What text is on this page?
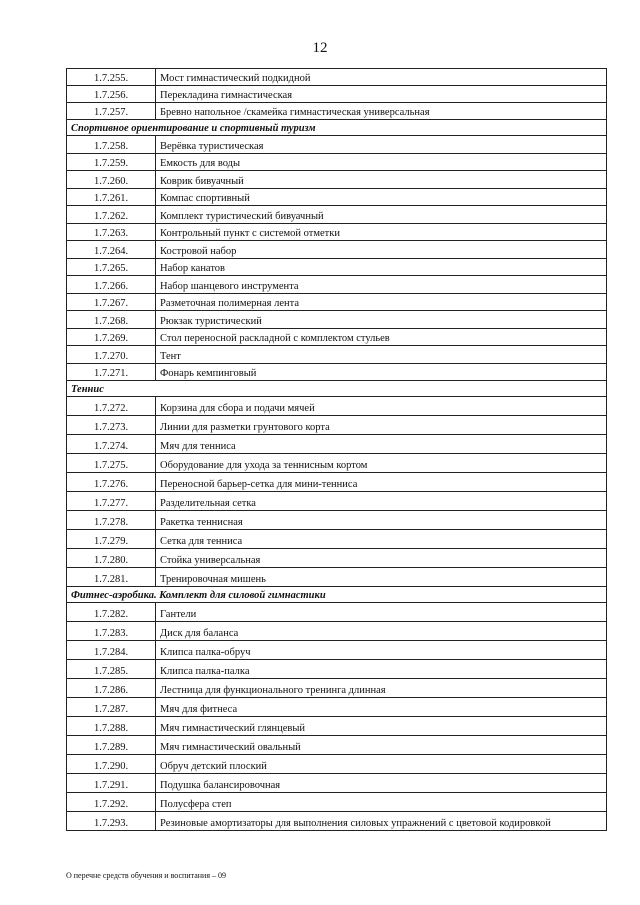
12
1.7.255.	Мост гимнастический подкидной
1.7.256.	Перекладина гимнастическая
1.7.257.	Бревно напольное /скамейка гимнастическая универсальная
Спортивное ориентирование и спортивный туризм	
1.7.258.	Верёвка туристическая
1.7.259.	Емкость для воды
1.7.260.	Коврик бивуачный
1.7.261.	Компас спортивный
1.7.262.	Комплект туристический бивуачный
1.7.263.	Контрольный пункт с системой отметки
1.7.264.	Костровой набор
1.7.265.	Набор канатов
1.7.266.	Набор шанцевого инструмента
1.7.267.	Разметочная полимерная лента
1.7.268.	Рюкзак туристический
1.7.269.	Стол переносной раскладной с комплектом стульев
1.7.270.	Тент
1.7.271.	Фонарь кемпинговый
Теннис	
1.7.272.	Корзина для сбора и подачи мячей
1.7.273.	Линии для разметки грунтового корта
1.7.274.	Мяч для тенниса
1.7.275.	Оборудование для ухода за теннисным кортом
1.7.276.	Переносной барьер-сетка для мини-тенниса
1.7.277.	Разделительная сетка
1.7.278.	Ракетка теннисная
1.7.279.	Сетка для тенниса
1.7.280.	Стойка универсальная
1.7.281.	Тренировочная мишень
Фитнес-аэробика. Комплект для силовой гимнастики	
1.7.282.	Гантели
1.7.283.	Диск для баланса
1.7.284.	Клипса палка-обруч
1.7.285.	Клипса палка-палка
1.7.286.	Лестница для функционального тренинга длинная
1.7.287.	Мяч для фитнеса
1.7.288.	Мяч гимнастический глянцевый
1.7.289.	Мяч гимнастический овальный
1.7.290.	Обруч детский плоский
1.7.291.	Подушка балансировочная
1.7.292.	Полусфера степ
1.7.293.	Резиновые амортизаторы для выполнения силовых упражнений с цветовой кодировкой
О перечне средств обучения и воспитания – 09
